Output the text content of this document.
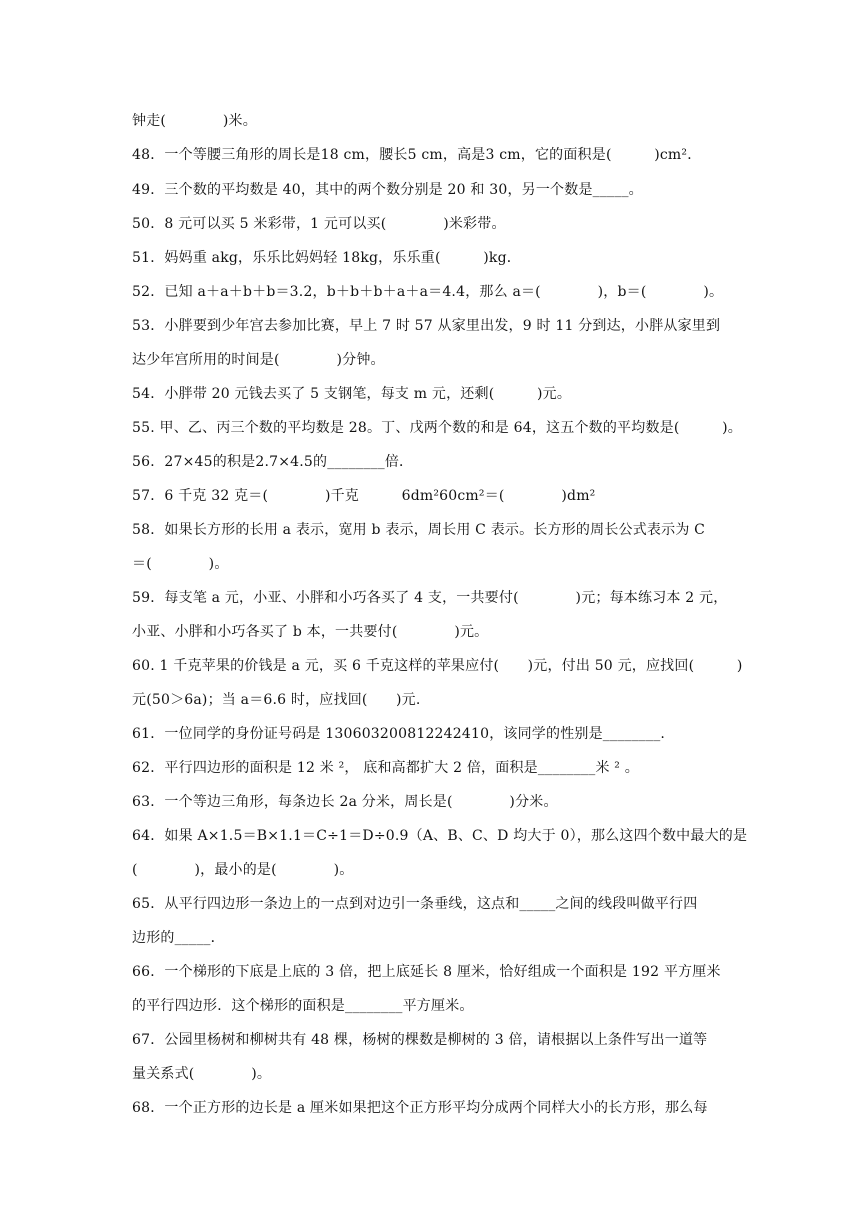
钟走(　　　　)米。
48．一个等腰三角形的周长是18 cm，腰长5 cm，高是3 cm，它的面积是(　　　)cm²．
49．三个数的平均数是 40，其中的两个数分别是 20 和 30，另一个数是_____。
50．8 元可以买 5 米彩带，1 元可以买(　　　　)米彩带。
51．妈妈重 akg，乐乐比妈妈轻 18kg，乐乐重(　　　)kg．
52．已知 a＋a＋b＋b＝3.2，b＋b＋b＋a＋a＝4.4，那么 a＝(　　　　)，b＝(　　　　)。
53．小胖要到少年宫去参加比赛，早上 7 时 57 从家里出发，9 时 11 分到达，小胖从家里到
达少年宫所用的时间是(　　　　)分钟。
54．小胖带 20 元钱去买了 5 支钢笔，每支 m 元，还剩(　　　)元。
55. 甲、乙、丙三个数的平均数是 28。丁、戊两个数的和是 64，这五个数的平均数是(　　　)。
56．27×45的积是2.7×4.5的________倍．
57．6 千克 32 克＝(　　　　)千克　　　6dm²60cm²＝(　　　　)dm²
58．如果长方形的长用 a 表示，宽用 b 表示，周长用 C 表示。长方形的周长公式表示为 C
＝(　　　　)。
59．每支笔 a 元，小亚、小胖和小巧各买了 4 支，一共要付(　　　　)元；每本练习本 2 元，
小亚、小胖和小巧各买了 b 本，一共要付(　　　　)元。
60. 1 千克苹果的价钱是 a 元，买 6 千克这样的苹果应付(　　)元，付出 50 元，应找回(　　　)
元(50＞6a)；当 a＝6.6 时，应找回(　　)元.
61．一位同学的身份证号码是 130603200812242410，该同学的性别是________.
62．平行四边形的面积是 12 米 ²， 底和高都扩大 2 倍，面积是________米 ² 。
63．一个等边三角形，每条边长 2a 分米，周长是(　　　　)分米。
64．如果 A×1.5＝B×1.1＝C÷1＝D÷0.9（A、B、C、D 均大于 0），那么这四个数中最大的是
(　　　　)，最小的是(　　　　)。
65．从平行四边形一条边上的一点到对边引一条垂线，这点和_____之间的线段叫做平行四
边形的_____．
66．一个梯形的下底是上底的 3 倍，把上底延长 8 厘米，恰好组成一个面积是 192 平方厘米
的平行四边形．这个梯形的面积是________平方厘米。
67．公园里杨树和柳树共有 48 棵，杨树的棵数是柳树的 3 倍，请根据以上条件写出一道等
量关系式(　　　　)。
68．一个正方形的边长是 a 厘米如果把这个正方形平均分成两个同样大小的长方形，那么每
